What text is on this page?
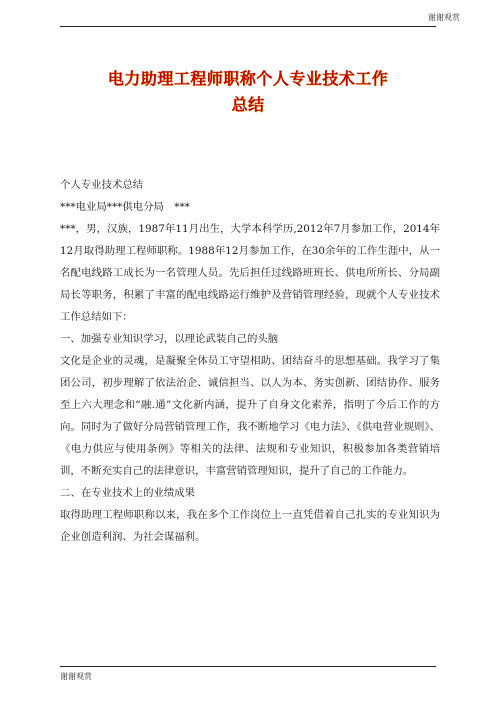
谢谢观赏
电力助理工程师职称个人专业技术工作
总结

个人专业技术总结

***电业局***供电分局　***

***，男，汉族，1987年11月出生，大学本科学历,2012年7月参加工作，2014年12月取得助理工程师职称。1988年12月参加工作，在30余年的工作生涯中，从一名配电线路工成长为一名管理人员。先后担任过线路班班长、供电所所长、分局副局长等职务，积累了丰富的配电线路运行维护及营销管理经验，现就个人专业技术工作总结如下：

一、加强专业知识学习，以理论武装自己的头脑

文化是企业的灵魂，是凝聚全体员工守望相助、团结奋斗的思想基础。我学习了集团公司，初步理解了依法治企、诚信担当、以人为本、务实创新、团结协作、服务至上六大理念和“融.通”文化新内涵，提升了自身文化素养，指明了今后工作的方向。同时为了做好分局营销管理工作，我不断地学习《电力法》、《供电营业规则》、《电力供应与使用条例》等相关的法律、法规和专业知识，积极参加各类营销培训，不断充实自己的法律意识，丰富营销管理知识，提升了自己的工作能力。

二、在专业技术上的业绩成果

取得助理工程师职称以来，我在多个工作岗位上一直凭借着自己扎实的专业知识为企业创造利润、为社会谋福利。

谢谢观赏
